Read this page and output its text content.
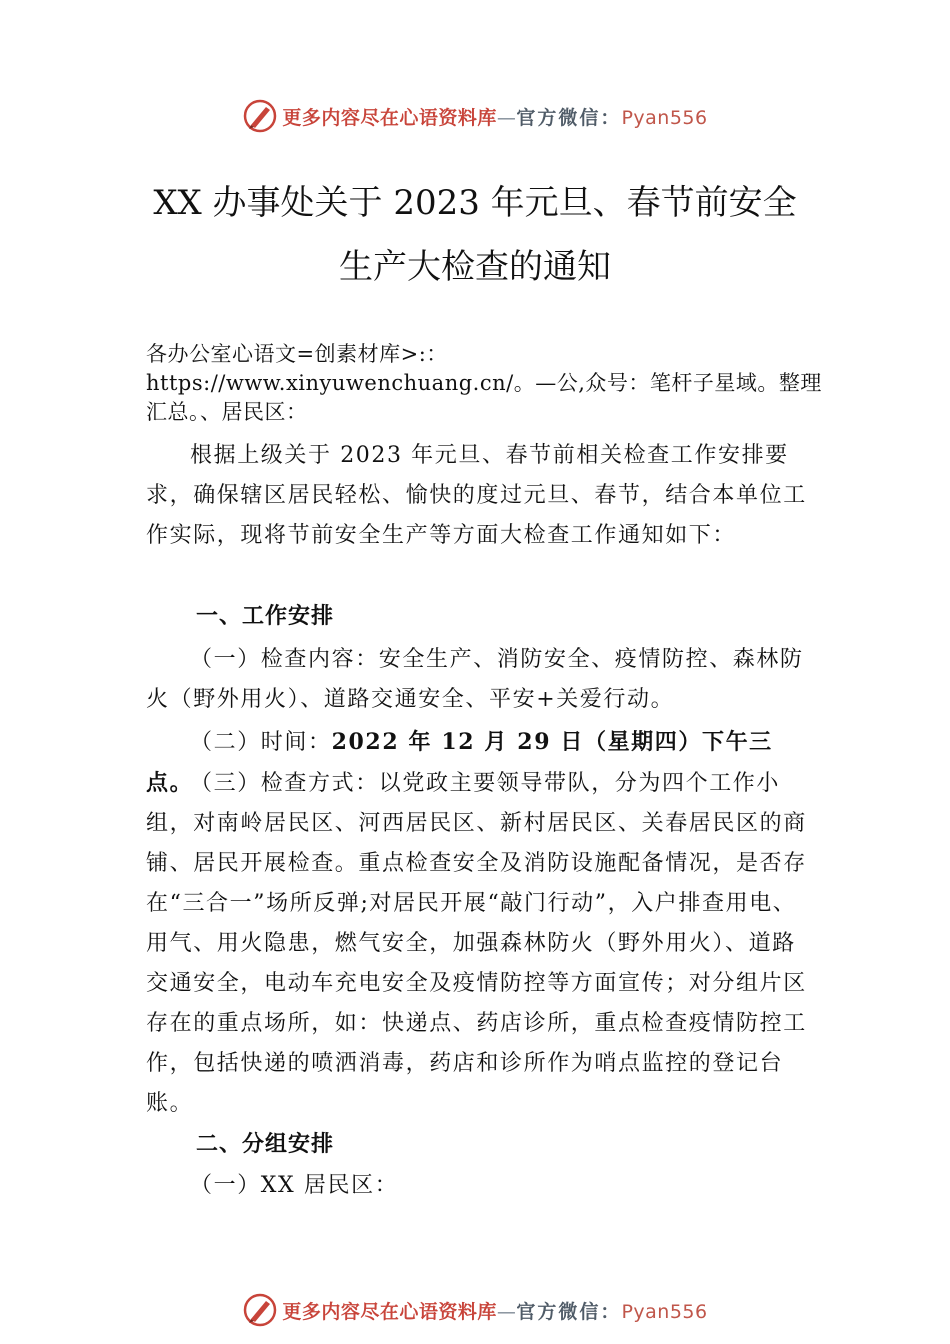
更多内容尽在心语资料库—官方微信：Pyan556
XX 办事处关于 2023 年元旦、春节前安全
生产大检查的通知
各办公室心语文=创素材库>:：https://www.xinyuwenchuang.cn/。—公,众号：笔杆子星域。整理汇总。、居民区：
根据上级关于 2023 年元旦、春节前相关检查工作安排要求，确保辖区居民轻松、愉快的度过元旦、春节，结合本单位工作实际，现将节前安全生产等方面大检查工作通知如下：
一、工作安排
（一）检查内容：安全生产、消防安全、疫情防控、森林防火（野外用火）、道路交通安全、平安+关爱行动。
（二）时间：2022 年 12 月 29 日（星期四）下午三点。
（三）检查方式：以党政主要领导带队，分为四个工作小组，对南岭居民区、河西居民区、新村居民区、关春居民区的商铺、居民开展检查。重点检查安全及消防设施配备情况，是否存在“三合一”场所反弹;对居民开展“敲门行动”，入户排查用电、用气、用火隐患，燃气安全，加强森林防火（野外用火）、道路交通安全，电动车充电安全及疫情防控等方面宣传；对分组片区存在的重点场所，如：快递点、药店诊所，重点检查疫情防控工作，包括快递的喷洒消毒，药店和诊所作为哨点监控的登记台账。
二、分组安排
（一）XX 居民区：
更多内容尽在心语资料库—官方微信：Pyan556
